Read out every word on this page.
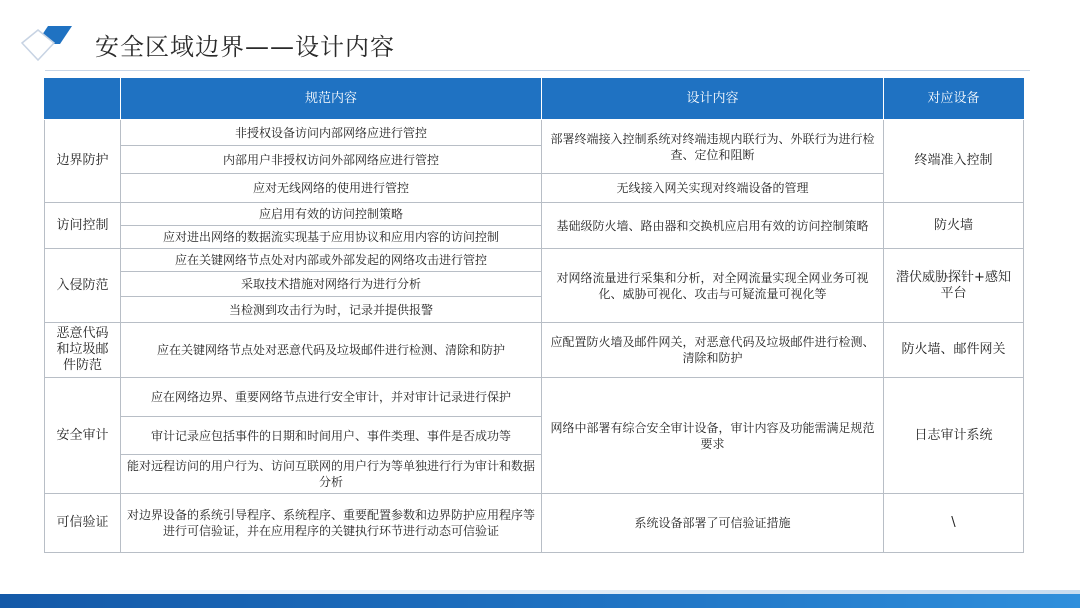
安全区域边界——设计内容
	规范内容	设计内容	对应设备
边界防护	非授权设备访问内部网络应进行管控	部署终端接入控制系统对终端违规内联行为、外联行为进行检查、定位和阻断	终端准入控制
	内部用户非授权访问外部网络应进行管控		
	应对无线网络的使用进行管控	无线接入网关实现对终端设备的管理	
访问控制	应启用有效的访问控制策略	基础级防火墙、路由器和交换机应启用有效的访问控制策略	防火墙
	应对进出网络的数据流实现基于应用协议和应用内容的访问控制		
入侵防范	应在关键网络节点处对内部或外部发起的网络攻击进行管控	对网络流量进行采集和分析，对全网流量实现全网业务可视化、威胁可视化、攻击与可疑流量可视化等	潜伏威胁探针+感知平台
	采取技术措施对网络行为进行分析		
	当检测到攻击行为时，记录并提供报警		
恶意代码和垃圾邮件防范	应在关键网络节点处对恶意代码及垃圾邮件进行检测、清除和防护	应配置防火墙及邮件网关，对恶意代码及垃圾邮件进行检测、清除和防护	防火墙、邮件网关
安全审计	应在网络边界、重要网络节点进行安全审计，并对审计记录进行保护	网络中部署有综合安全审计设备，审计内容及功能需满足规范要求	日志审计系统
	审计记录应包括事件的日期和时间用户、事件类理、事件是否成功等		
	能对远程访问的用户行为、访问互联网的用户行为等单独进行行为审计和数据分析		
可信验证	对边界设备的系统引导程序、系统程序、重要配置参数和边界防护应用程序等进行可信验证，并在应用程序的关键执行环节进行动态可信验证	系统设备部署了可信验证措施	\
